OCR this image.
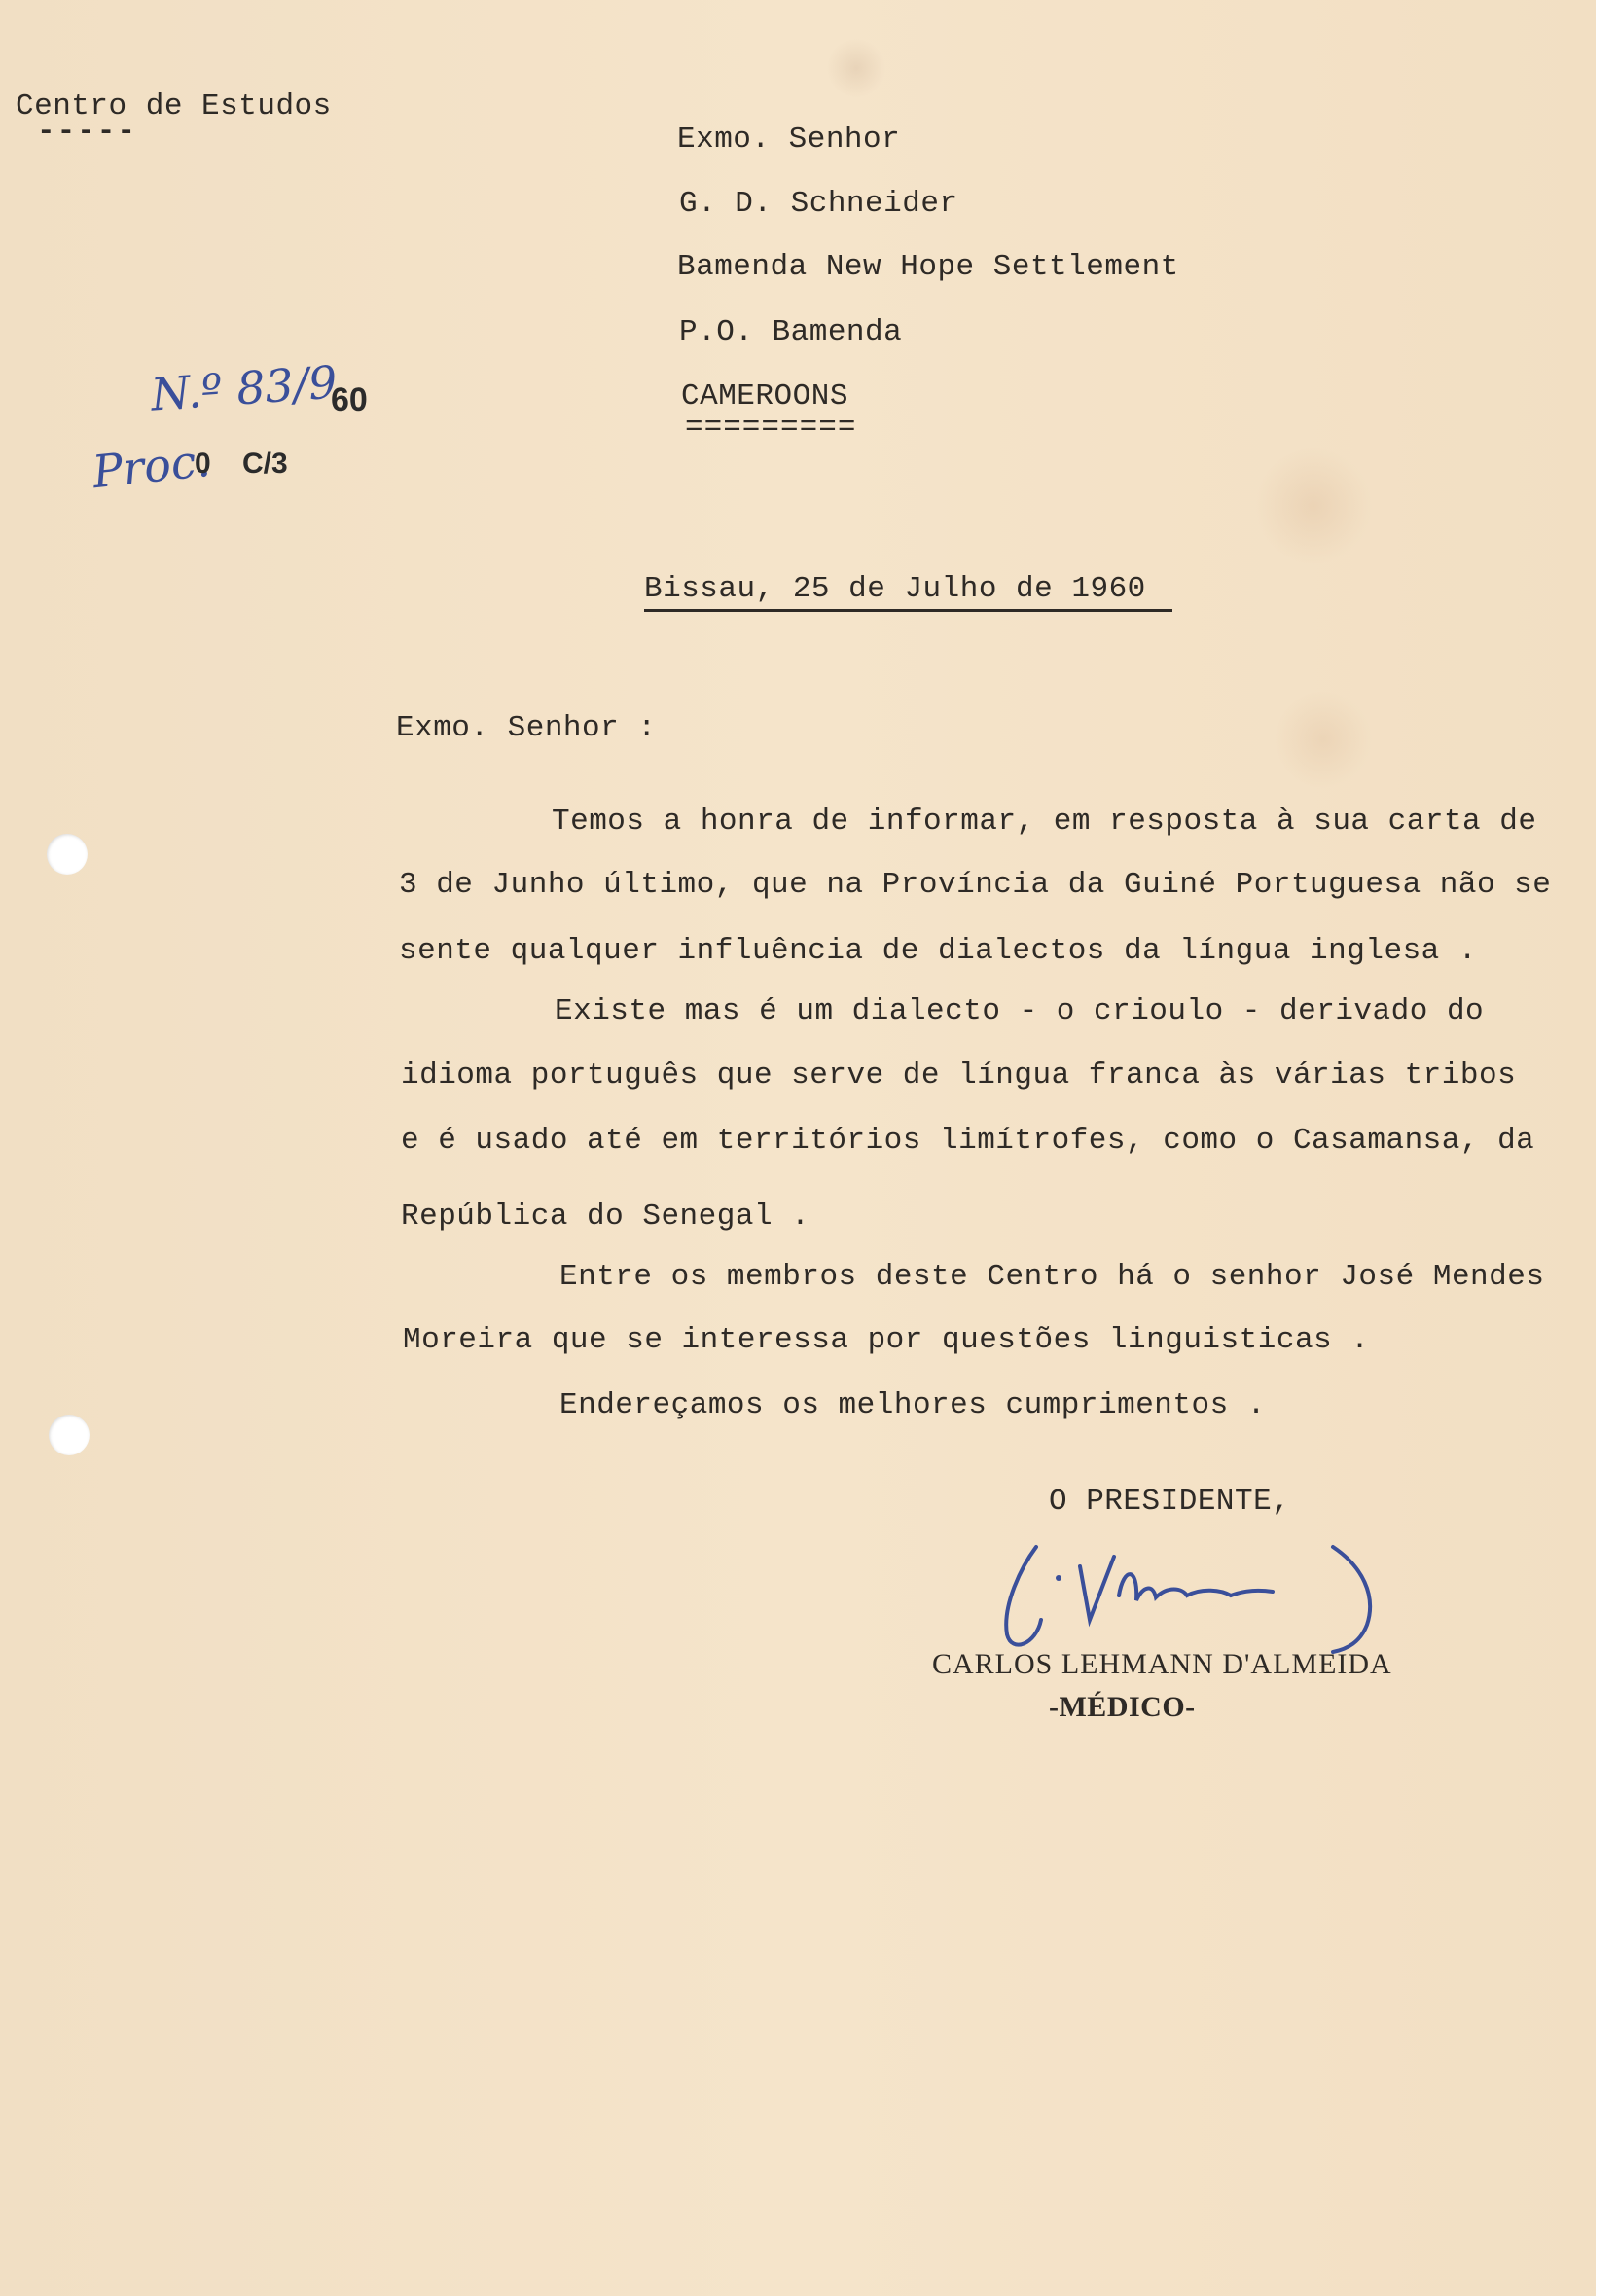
Centro de Estudos
-----
N.º 83/9
60
Proc.
0 C/3
Exmo. Senhor
G. D. Schneider
Bamenda New Hope Settlement
P.O. Bamenda
CAMEROONS
=========
Bissau, 25 de Julho de 1960
Exmo. Senhor :
Temos a honra de informar, em resposta à sua carta de
3 de Junho último, que na Província da Guiné Portuguesa não se
sente qualquer influência de dialectos da língua inglesa .
Existe mas é um dialecto - o crioulo - derivado do
idioma português que serve de língua franca às várias tribos
e é usado até em territórios limítrofes, como o Casamansa, da
República do Senegal .
Entre os membros deste Centro há o senhor José Mendes
Moreira que se interessa por questões linguisticas .
Endereçamos os melhores cumprimentos .
O PRESIDENTE,
CARLOS LEHMANN D'ALMEIDA
-MÉDICO-
